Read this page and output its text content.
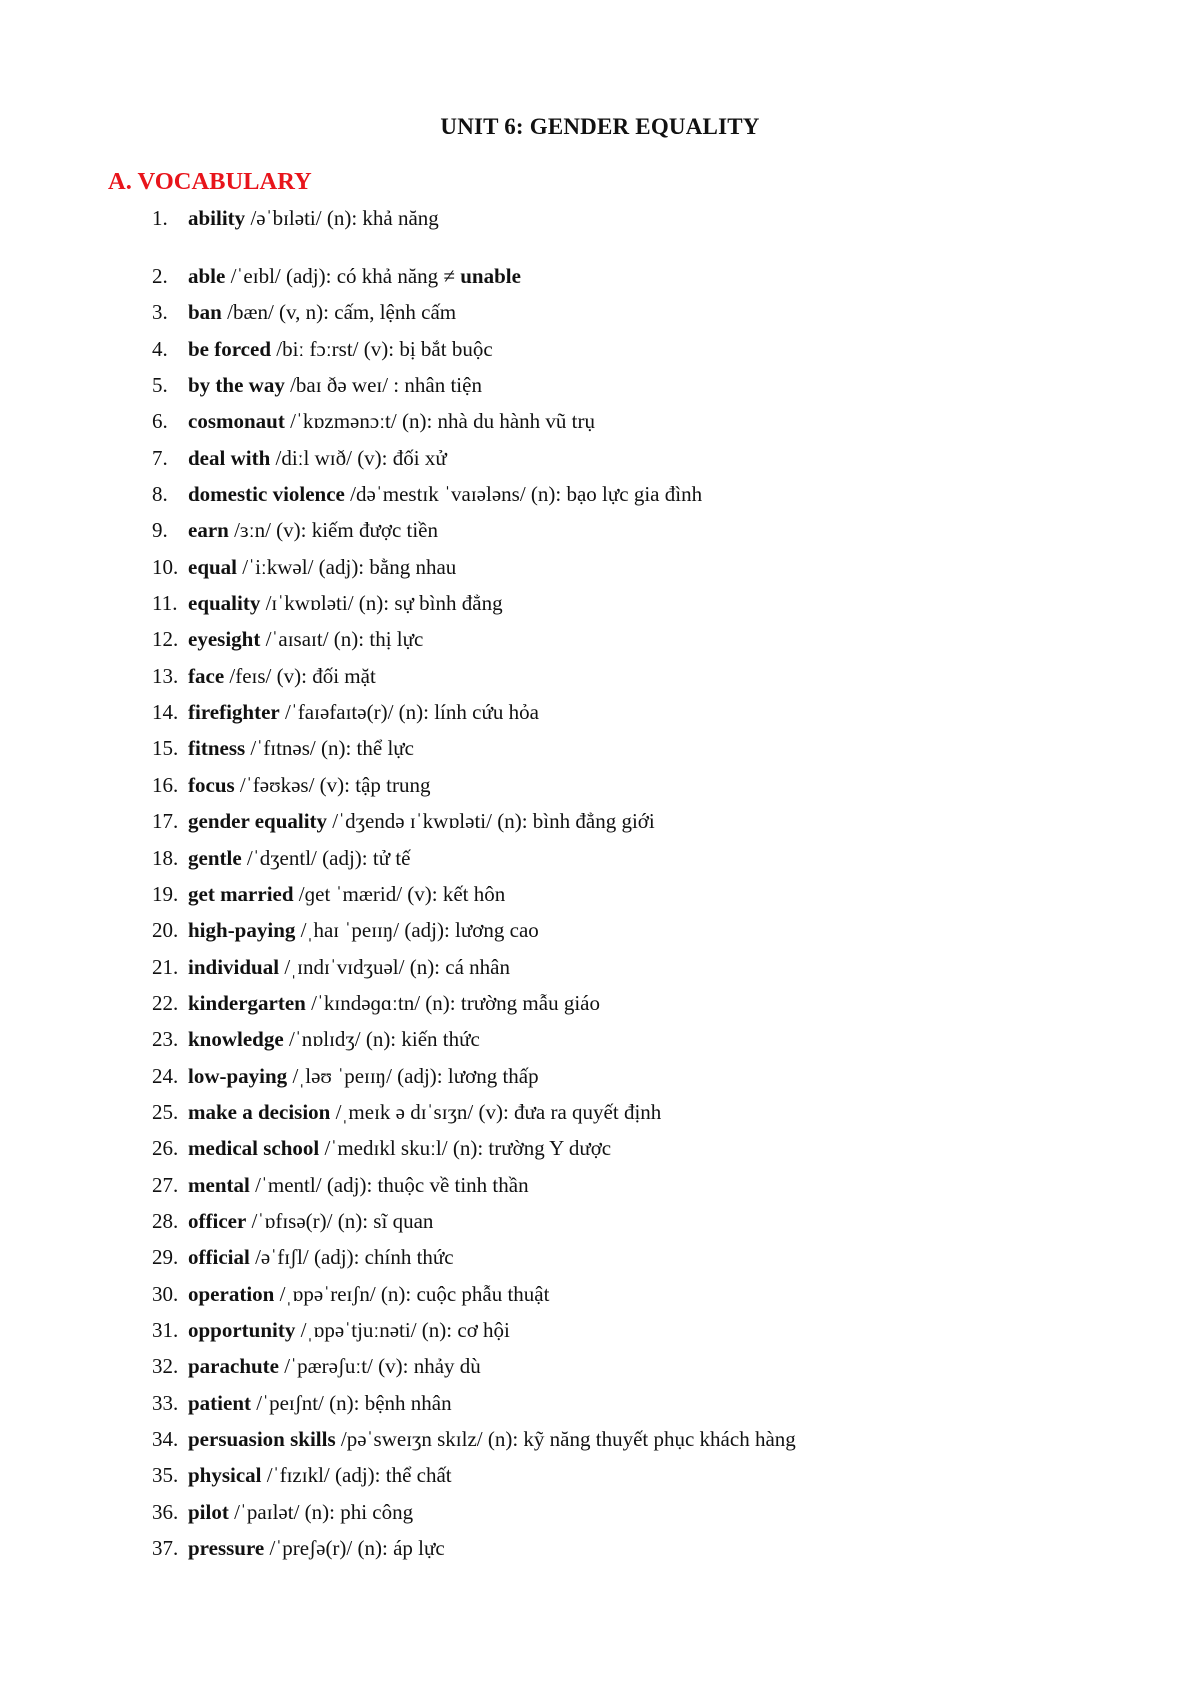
UNIT 6: GENDER EQUALITY
A. VOCABULARY
1. ability /əˈbɪləti/ (n): khả năng
2. able /ˈeɪbl/ (adj): có khả năng ≠ unable
3. ban /bæn/ (v, n): cấm, lệnh cấm
4. be forced /biː fɔːrst/ (v): bị bắt buộc
5. by the way /baɪ ðə weɪ/ : nhân tiện
6. cosmonaut /ˈkɒzmənɔːt/ (n): nhà du hành vũ trụ
7. deal with /diːl wɪð/ (v): đối xử
8. domestic violence /dəˈmestɪk ˈvaɪələns/ (n): bạo lực gia đình
9. earn /ɜːn/ (v): kiếm được tiền
10. equal /ˈiːkwəl/ (adj): bằng nhau
11. equality /ɪˈkwɒləti/ (n): sự bình đẳng
12. eyesight /ˈaɪsaɪt/ (n): thị lực
13. face /feɪs/ (v): đối mặt
14. firefighter /ˈfaɪəfaɪtə(r)/ (n): lính cứu hỏa
15. fitness /ˈfɪtnəs/ (n): thể lực
16. focus /ˈfəʊkəs/ (v): tập trung
17. gender equality /ˈdʒendə ɪˈkwɒləti/ (n): bình đẳng giới
18. gentle /ˈdʒentl/ (adj): tử tế
19. get married /ɡet ˈmærid/ (v): kết hôn
20. high-paying /ˌhaɪ ˈpeɪɪŋ/ (adj): lương cao
21. individual /ˌɪndɪˈvɪdʒuəl/ (n): cá nhân
22. kindergarten /ˈkɪndəɡɑːtn/ (n): trường mẫu giáo
23. knowledge /ˈnɒlɪdʒ/ (n): kiến thức
24. low-paying /ˌləʊ ˈpeɪɪŋ/ (adj): lương thấp
25. make a decision /ˌmeɪk ə dɪˈsɪʒn/ (v): đưa ra quyết định
26. medical school /ˈmedɪkl skuːl/ (n): trường Y dược
27. mental /ˈmentl/ (adj): thuộc về tinh thần
28. officer /ˈɒfɪsə(r)/ (n): sĩ quan
29. official /əˈfɪʃl/ (adj): chính thức
30. operation /ˌɒpəˈreɪʃn/ (n): cuộc phẫu thuật
31. opportunity /ˌɒpəˈtjuːnəti/ (n): cơ hội
32. parachute /ˈpærəʃuːt/ (v): nhảy dù
33. patient /ˈpeɪʃnt/ (n): bệnh nhân
34. persuasion skills /pəˈsweɪʒn skɪlz/ (n): kỹ năng thuyết phục khách hàng
35. physical /ˈfɪzɪkl/ (adj): thể chất
36. pilot /ˈpaɪlət/ (n): phi công
37. pressure /ˈpreʃə(r)/ (n): áp lực
